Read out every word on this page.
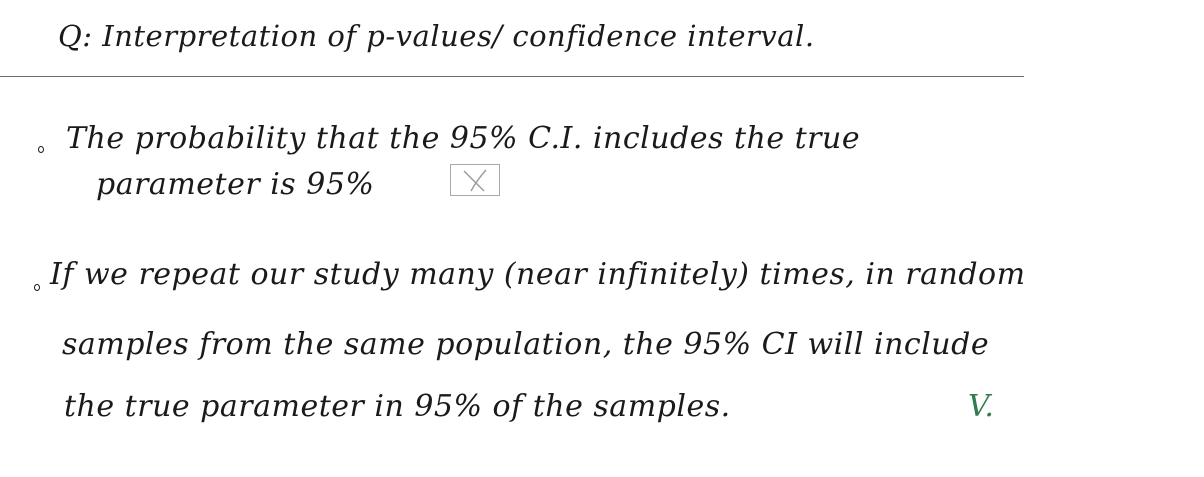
Q: Interpretation of p-values/ confidence interval.
The probability that the 95% C.I. includes the true
parameter is 95%
If we repeat our study many (near infinitely) times, in random
samples from the same population, the 95% CI will include
the true parameter in 95% of the samples.	V.
